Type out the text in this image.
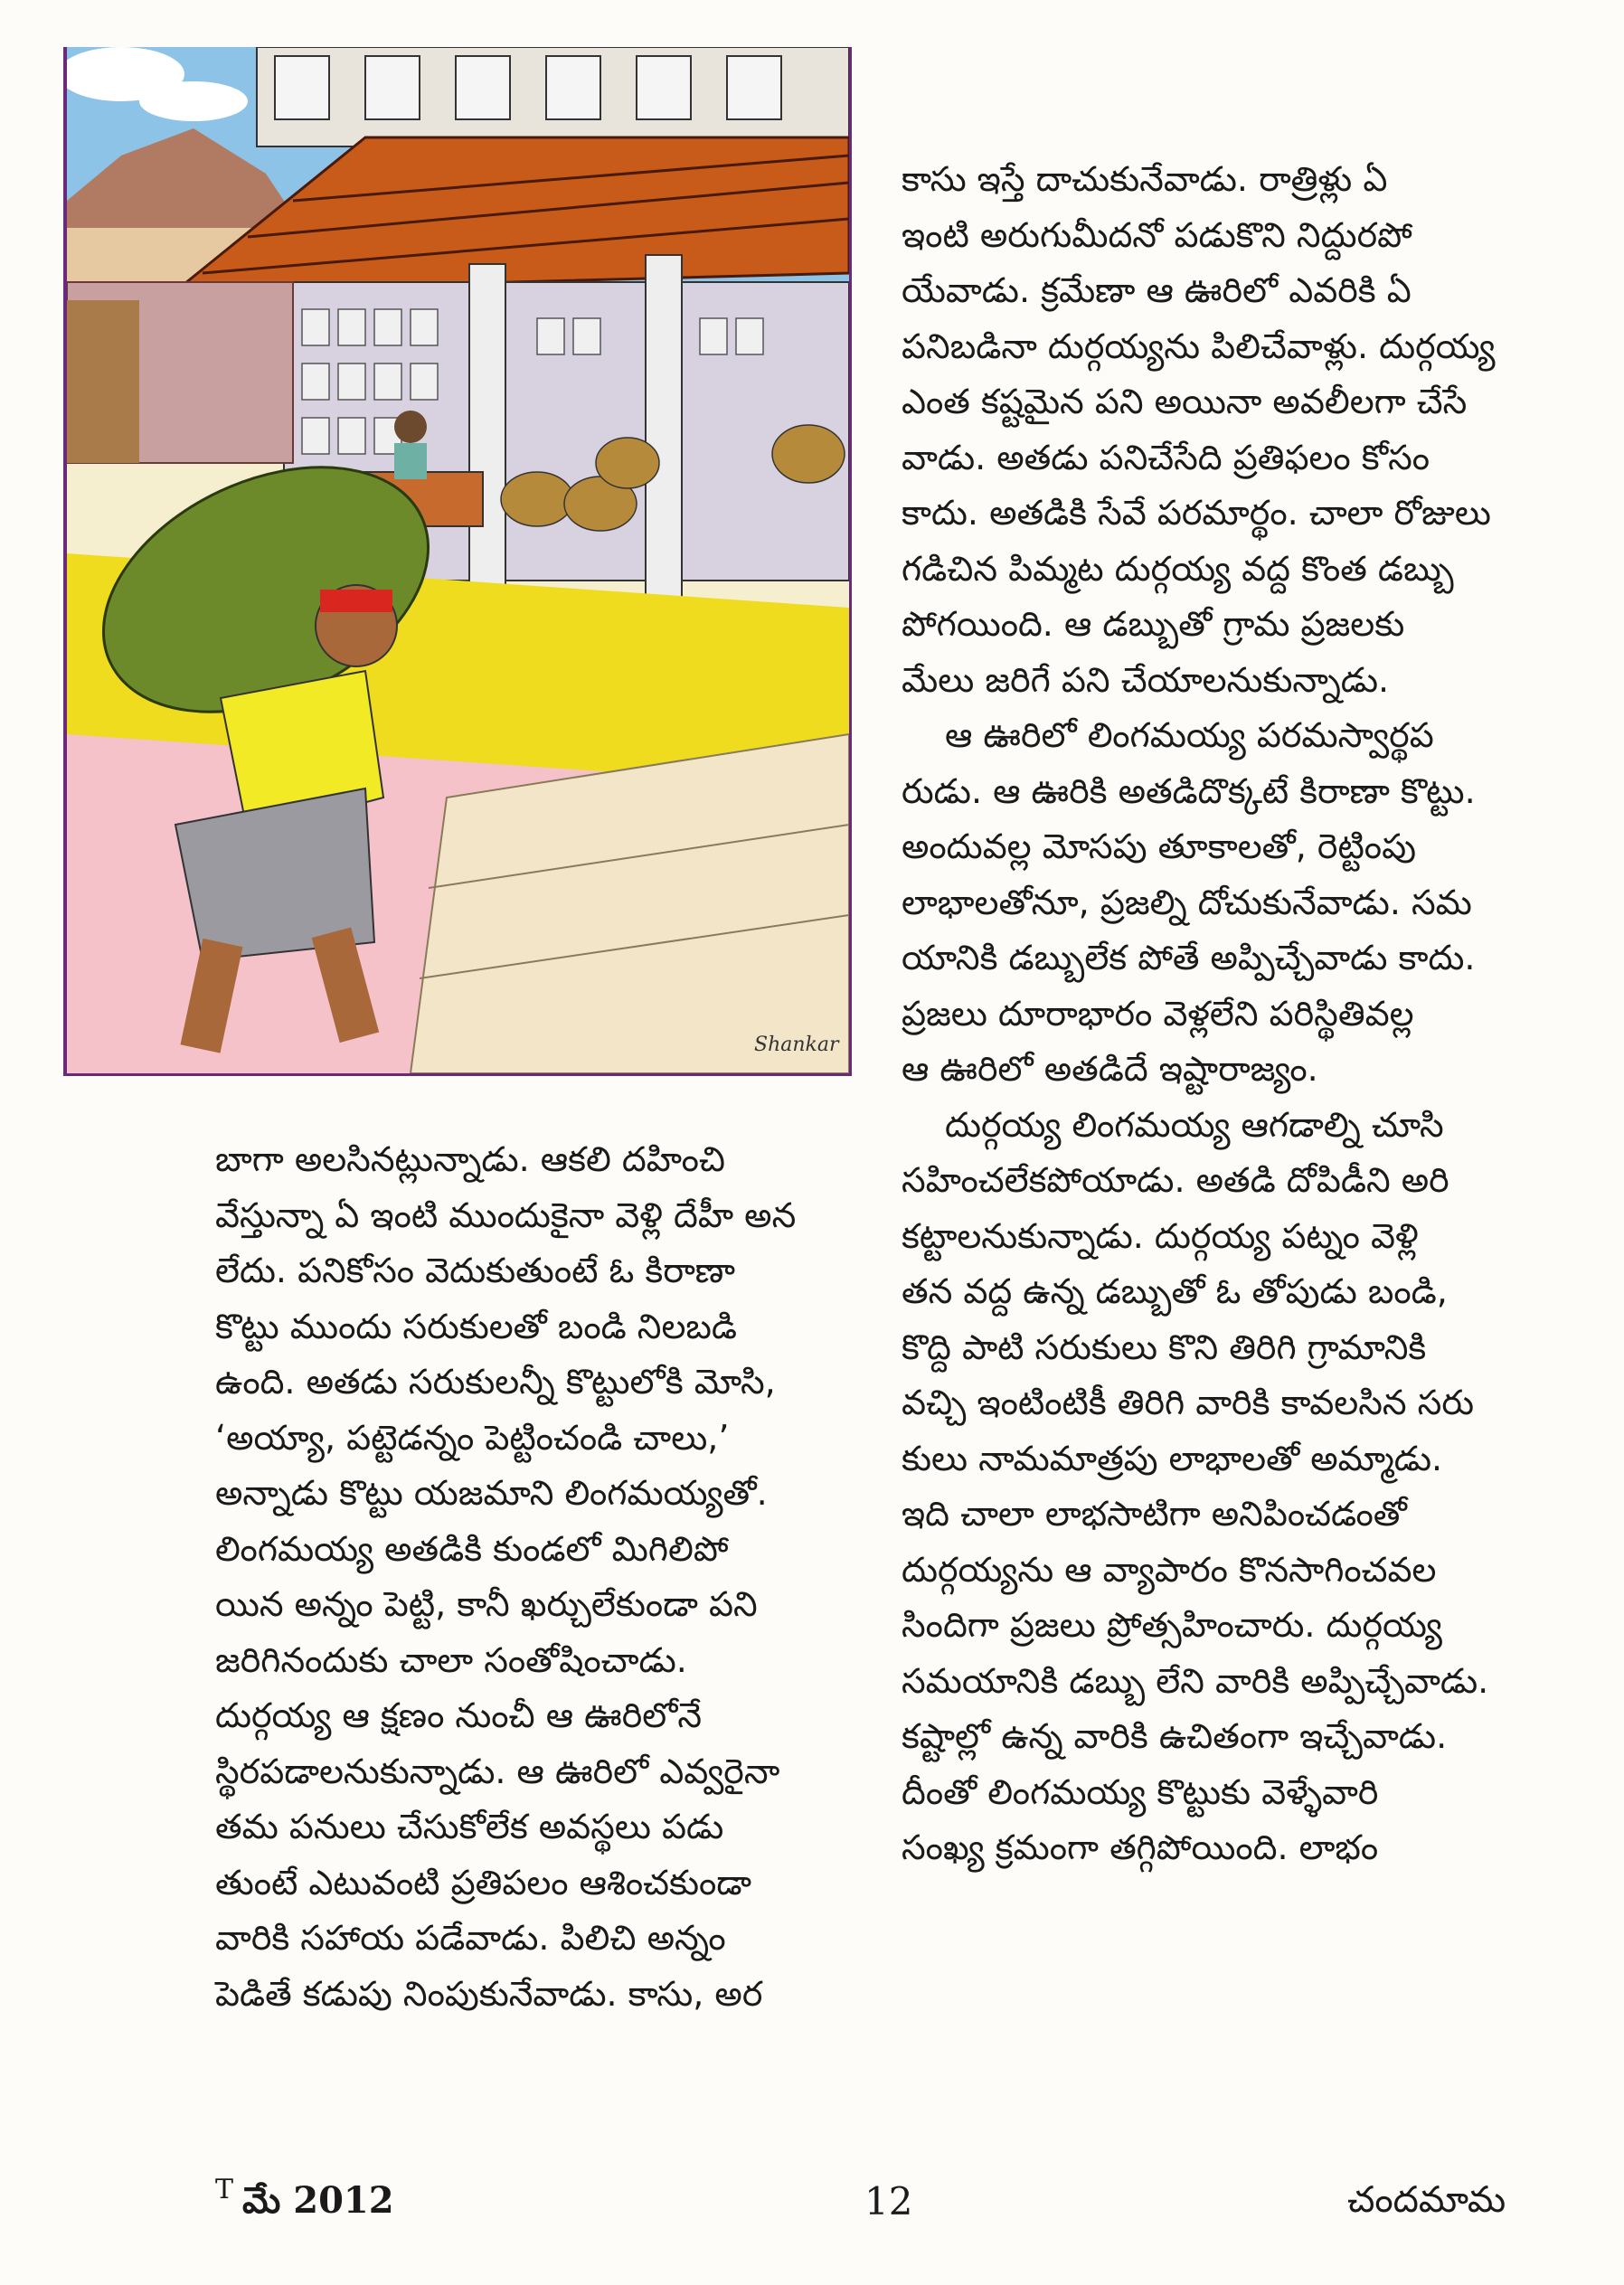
Shankar

కాసు ఇస్తే దాచుకునేవాడు. రాత్రిళ్లు ఏ

ఇంటి అరుగుమీదనో పడుకొని నిద్దురపో

యేవాడు. క్రమేణా ఆ ఊరిలో ఎవరికి ఏ

పనిబడినా దుర్గయ్యను పిలిచేవాళ్లు. దుర్గయ్య

ఎంత కష్టమైన పని అయినా అవలీలగా చేసే

వాడు. అతడు పనిచేసేది ప్రతిఫలం కోసం

కాదు. అతడికి సేవే పరమార్థం. చాలా రోజులు

గడిచిన పిమ్మట దుర్గయ్య వద్ద కొంత డబ్బు

పోగయింది. ఆ డబ్బుతో గ్రామ ప్రజలకు

మేలు జరిగే పని చేయాలనుకున్నాడు.

ఆ ఊరిలో లింగమయ్య పరమస్వార్థప

రుడు. ఆ ఊరికి అతడిదొక్కటే కిరాణా కొట్టు.

అందువల్ల మోసపు తూకాలతో, రెట్టింపు

లాభాలతోనూ, ప్రజల్ని దోచుకునేవాడు. సమ

యానికి డబ్బులేక పోతే అప్పిచ్చేవాడు కాదు.

ప్రజలు దూరాభారం వెళ్లలేని పరిస్థితివల్ల

ఆ ఊరిలో అతడిదే ఇష్టారాజ్యం.

దుర్గయ్య లింగమయ్య ఆగడాల్ని చూసి

సహించలేకపోయాడు. అతడి దోపిడీని అరి

కట్టాలనుకున్నాడు. దుర్గయ్య పట్నం వెళ్లి

తన వద్ద ఉన్న డబ్బుతో ఓ తోపుడు బండి,

కొద్ది పాటి సరుకులు కొని తిరిగి గ్రామానికి

వచ్చి ఇంటింటికీ తిరిగి వారికి కావలసిన సరు

కులు నామమాత్రపు లాభాలతో అమ్మాడు.

ఇది చాలా లాభసాటిగా అనిపించడంతో

దుర్గయ్యను ఆ వ్యాపారం కొనసాగించవల

సిందిగా ప్రజలు ప్రోత్సహించారు. దుర్గయ్య

సమయానికి డబ్బు లేని వారికి అప్పిచ్చేవాడు.

కష్టాల్లో ఉన్న వారికి ఉచితంగా ఇచ్చేవాడు.

దీంతో లింగమయ్య కొట్టుకు వెళ్ళేవారి

సంఖ్య క్రమంగా తగ్గిపోయింది. లాభం

బాగా అలసినట్లున్నాడు. ఆకలి దహించి

వేస్తున్నా ఏ ఇంటి ముందుకైనా వెళ్లి దేహీ అన

లేదు. పనికోసం వెదుకుతుంటే ఓ కిరాణా

కొట్టు ముందు సరుకులతో బండి నిలబడి

ఉంది. అతడు సరుకులన్నీ కొట్టులోకి మోసి,

‘అయ్యా, పట్టెడన్నం పెట్టించండి చాలు,’

అన్నాడు కొట్టు యజమాని లింగమయ్యతో.

లింగమయ్య అతడికి కుండలో మిగిలిపో

యిన అన్నం పెట్టి, కానీ ఖర్చులేకుండా పని

జరిగినందుకు చాలా సంతోషించాడు.

దుర్గయ్య ఆ క్షణం నుంచీ ఆ ఊరిలోనే

స్థిరపడాలనుకున్నాడు. ఆ ఊరిలో ఎవ్వరైనా

తమ పనులు చేసుకోలేక అవస్థలు పడు

తుంటే ఎటువంటి ప్రతిపలం ఆశించకుండా

వారికి సహాయ పడేవాడు. పిలిచి అన్నం

పెడితే కడుపు నింపుకునేవాడు. కాసు, అర

T మే 2012	12	చందమామ
